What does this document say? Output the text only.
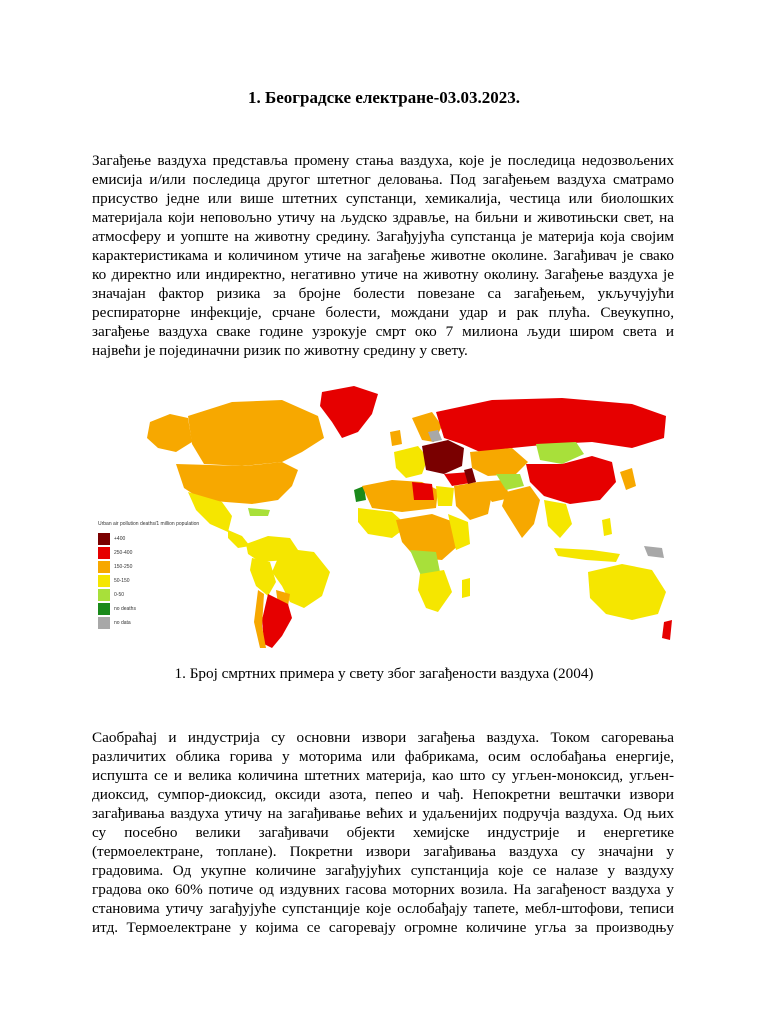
1. Београдске електране-03.03.2023.
Загађење ваздуха представља промену стања ваздуха, које је последица недозвољених
емисија и/или последица другог штетног деловања. Под загађењем ваздуха сматрамо
присуство једне или више штетних супстанци, хемикалија, честица или биолошких
материјала који неповољно утичу на људско здравље, на биљни и животињски свет, на
атмосферу и уопште на животну средину. Загађујућа супстанца је материја која својим
карактеристикама и количином утиче на загађење животне околине. Загађивач је свако
ко директно или индиректно, негативно утиче на животну околину. Загађење ваздуха је
значајан фактор ризика за бројне болести повезане са загађењем, укључујући
респираторне инфекције, срчане болести, мождани удар и рак плућа. Свеукупно,
загађење ваздуха сваке године узрокује смрт око 7 милиона људи широм света и
највећи је појединачни ризик по животну средину у свету.
Urban air pollution deaths/1 million population
+400
250-400
150-250
50-150
0-50
no deaths
no data

1. Број смртних примера у свету због загађености ваздуха (2004)

Саобраћај и индустрија су основни извори загађења ваздуха. Током сагоревања
различитих облика горива у моторима или фабрикама, осим ослобађања енергије,
испушта се и велика количина штетних материја, као што су угљен-моноксид, угљен-
диоксид, сумпор-диоксид, оксиди азота, пепео и чађ. Непокретни вештачки извори
загађивања ваздуха утичу на загађивање већих и удаљенијих подручја ваздуха. Од њих
су посебно велики загађивачи објекти хемијске индустрије и енергетике
(термоелектране, топлане). Покретни извори загађивања ваздуха су значајни у
градовима. Од укупне количине загађујућих супстанција које се налазе у ваздуху
градова око 60% потиче од издувних гасова моторних возила. На загађеност ваздуха у
становима утичу загађујуће супстанције које ослобађају тапете, мебл-штофови, теписи
итд. Термоелектране у којима се сагоревају огромне количине угља за производњу
